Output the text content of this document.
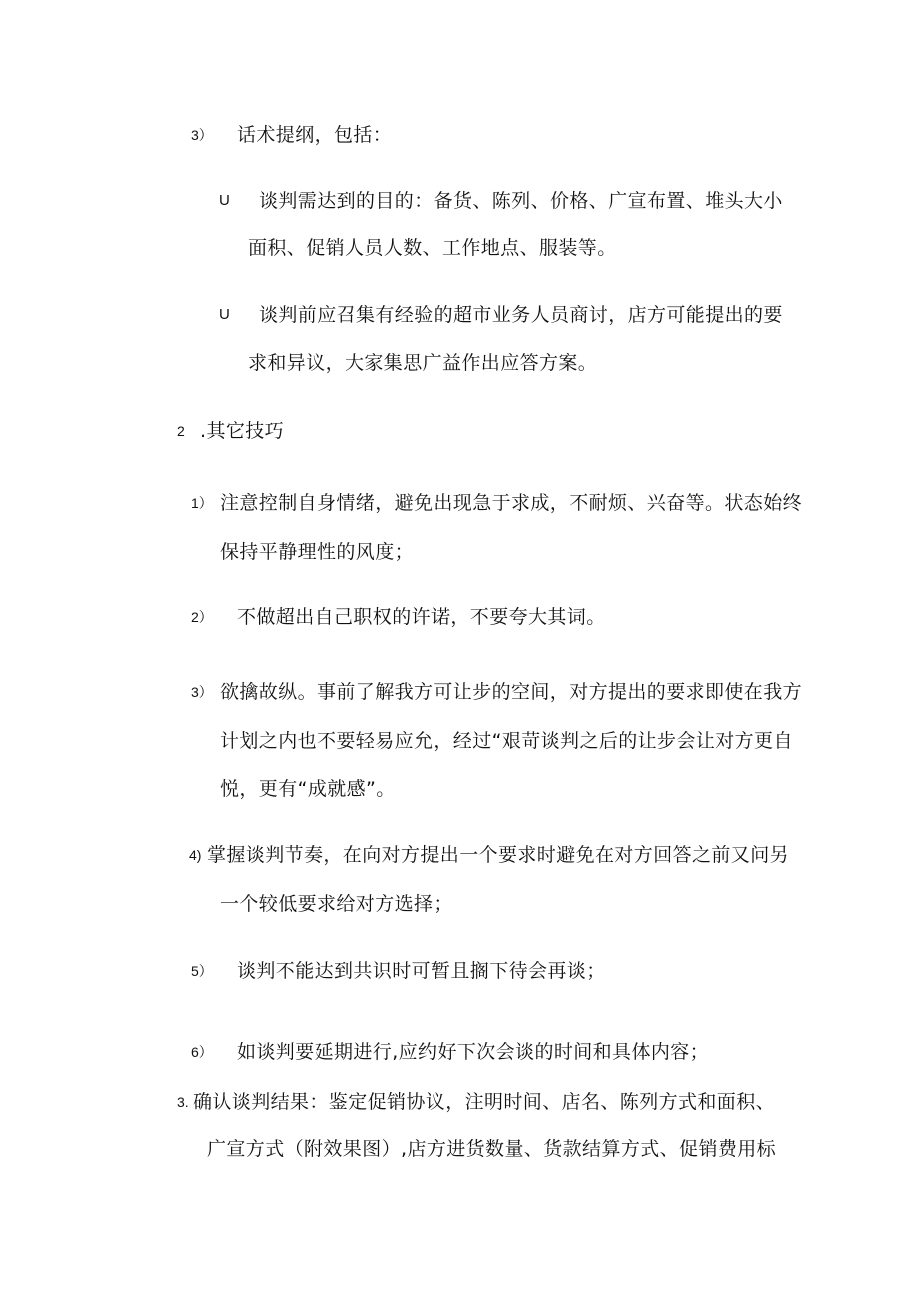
3） 话术提纲，包括：
U 谈判需达到的目的：备货、陈列、价格、广宣布置、堆头大小
面积、促销人员人数、工作地点、服装等。
U 谈判前应召集有经验的超市业务人员商讨，店方可能提出的要
求和异议，大家集思广益作出应答方案。
2 .其它技巧
1） 注意控制自身情绪，避免出现急于求成，不耐烦、兴奋等。状态始终
保持平静理性的风度；
2） 不做超出自己职权的许诺，不要夸大其词。
3） 欲擒故纵。事前了解我方可让步的空间，对方提出的要求即使在我方
计划之内也不要轻易应允，经过“艰苛谈判之后的让步会让对方更自
悦，更有“成就感”。
4) 掌握谈判节奏，在向对方提出一个要求时避免在对方回答之前又问另
一个较低要求给对方选择；
5） 谈判不能达到共识时可暂且搁下待会再谈；
6） 如谈判要延期进行,应约好下次会谈的时间和具体内容；
3. 确认谈判结果：鉴定促销协议，注明时间、店名、陈列方式和面积、
广宣方式（附效果图）,店方进货数量、货款结算方式、促销费用标
